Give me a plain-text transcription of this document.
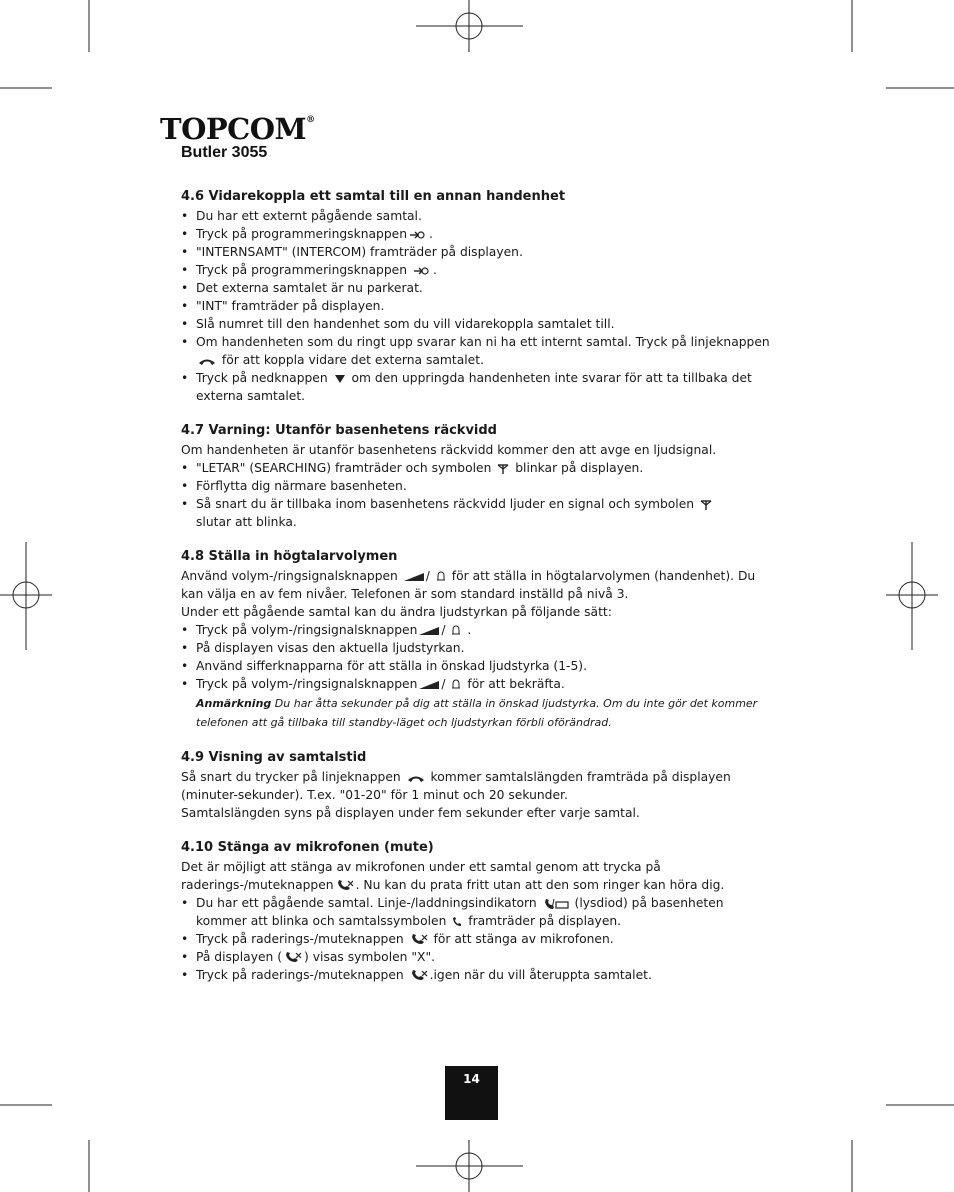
TOPCOM®
Butler 3055
4.6 Vidarekoppla ett samtal till en annan handenhet
• Du har ett externt pågående samtal.
• Tryck på programmeringsknappen .
• "INTERNSAMT" (INTERCOM) framträder på displayen.
• Tryck på programmeringsknappen .
• Det externa samtalet är nu parkerat.
• "INT" framträder på displayen.
• Slå numret till den handenhet som du vill vidarekoppla samtalet till.
• Om handenheten som du ringt upp svarar kan ni ha ett internt samtal. Tryck på linjeknappen  för att koppla vidare det externa samtalet.
• Tryck på nedknappen om den uppringda handenheten inte svarar för att ta tillbaka det externa samtalet.
4.7 Varning: Utanför basenhetens räckvidd

Om handenheten är utanför basenhetens räckvidd kommer den att avge en ljudsignal.

• "LETAR" (SEARCHING) framträder och symbolen blinkar på displayen.
• Förflytta dig närmare basenheten.
• Så snart du är tillbaka inom basenhetens räckvidd ljuder en signal och symbolen
slutar att blinka.
4.8 Ställa in högtalarvolymen

Använd volym-/ringsignalsknappen / för att ställa in högtalarvolymen (handenhet). Du kan välja en av fem nivåer. Telefonen är som standard inställd på nivå 3.

Under ett pågående samtal kan du ändra ljudstyrkan på följande sätt:

• Tryck på volym-/ringsignalsknappen / .
• På displayen visas den aktuella ljudstyrkan.
• Använd sifferknapparna för att ställa in önskad ljudstyrka (1-5).
• Tryck på volym-/ringsignalsknappen / för att bekräfta.

Anmärkning Du har åtta sekunder på dig att ställa in önskad ljudstyrka. Om du inte gör det kommer telefonen att gå tillbaka till standby-läget och ljudstyrkan förbli oförändrad.

4.9 Visning av samtalstid

Så snart du trycker på linjeknappen kommer samtalslängden framträda på displayen (minuter-sekunder). T.ex. "01-20" för 1 minut och 20 sekunder.

Samtalslängden syns på displayen under fem sekunder efter varje samtal.

4.10 Stänga av mikrofonen (mute)

Det är möjligt att stänga av mikrofonen under ett samtal genom att trycka på raderings-/muteknappen . Nu kan du prata fritt utan att den som ringer kan höra dig.

• Du har ett pågående samtal. Linje-/laddningsindikatorn	(lysdiod) på basenheten kommer att blinka och samtalssymbolen framträder på displayen.
• Tryck på raderings-/muteknappen för att stänga av mikrofonen.
• På displayen ( ) visas symbolen "X".
• Tryck på raderings-/muteknappen .igen när du vill återuppta samtalet.
14
